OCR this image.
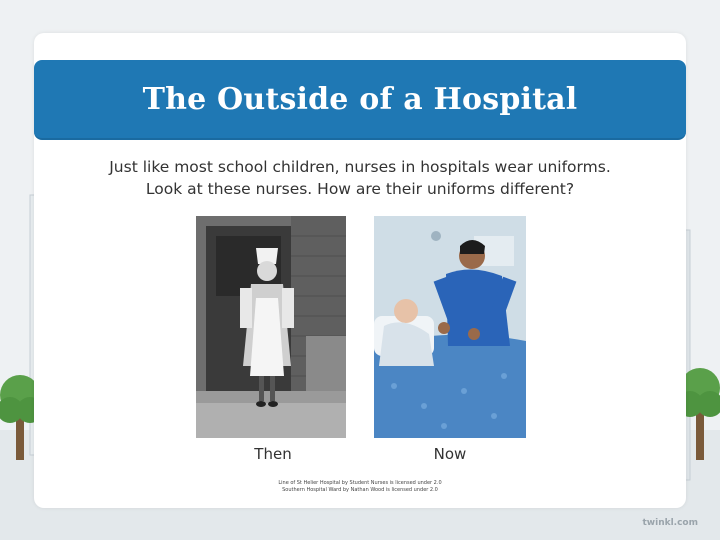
The Outside of a Hospital
Just like most school children, nurses in hospitals wear uniforms.
Look at these nurses. How are their uniforms different?
Then	Now
Line of St Helier Hospital by Student Nurses is licensed under 2.0
Southern Hospital Ward by Nathan Wood is licensed under 2.0
twinkl.com
